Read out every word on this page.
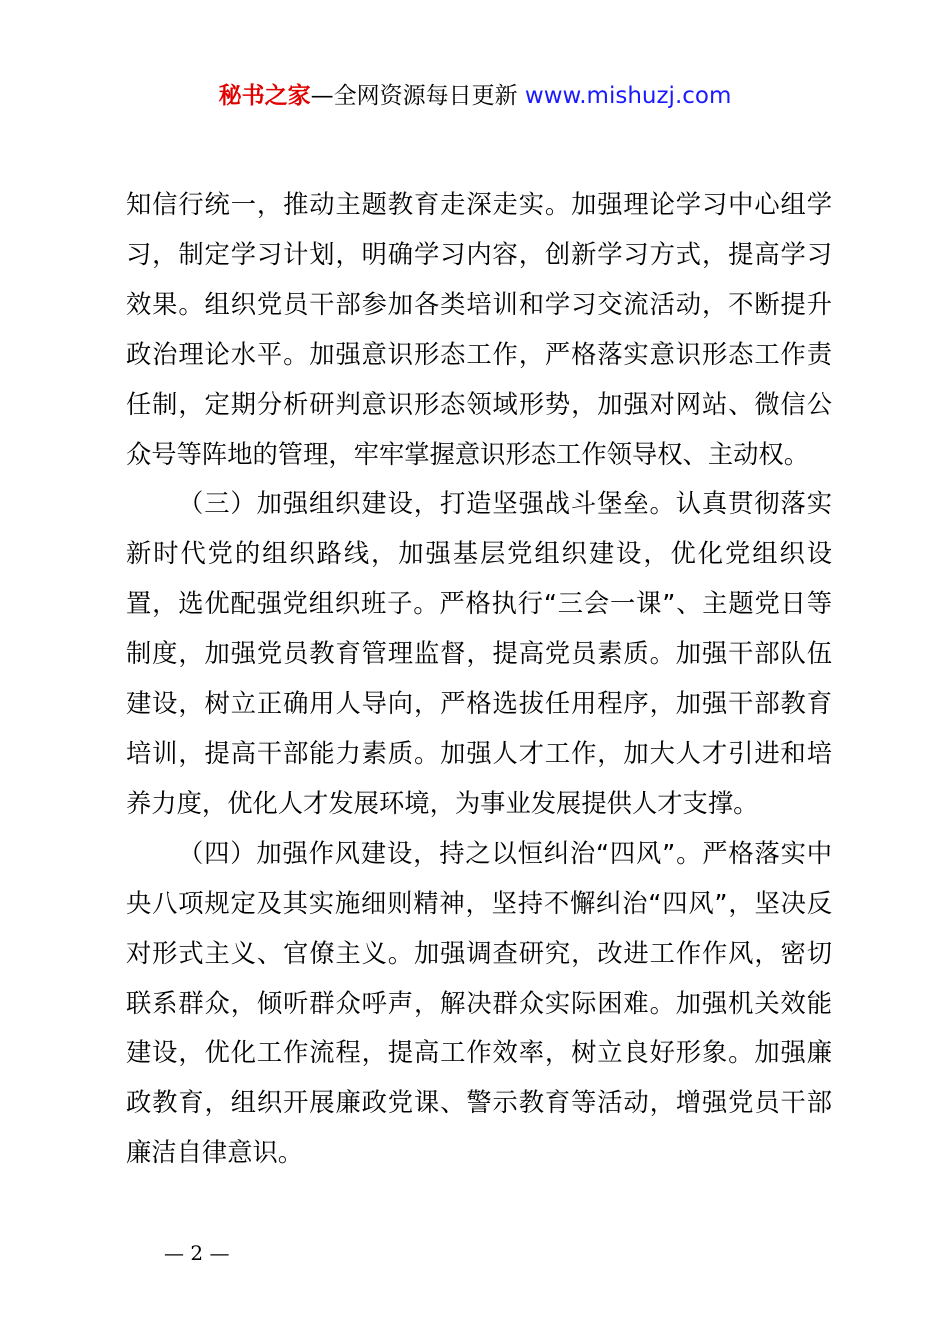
秘书之家—全网资源每日更新 www.mishuzj.com

知信行统一，推动主题教育走深走实。加强理论学习中心组学习，制定学习计划，明确学习内容，创新学习方式，提高学习效果。组织党员干部参加各类培训和学习交流活动，不断提升政治理论水平。加强意识形态工作，严格落实意识形态工作责任制，定期分析研判意识形态领域形势，加强对网站、微信公众号等阵地的管理，牢牢掌握意识形态工作领导权、主动权。

（三）加强组织建设，打造坚强战斗堡垒。认真贯彻落实新时代党的组织路线，加强基层党组织建设，优化党组织设置，选优配强党组织班子。严格执行“三会一课”、主题党日等制度，加强党员教育管理监督，提高党员素质。加强干部队伍建设，树立正确用人导向，严格选拔任用程序，加强干部教育培训，提高干部能力素质。加强人才工作，加大人才引进和培养力度，优化人才发展环境，为事业发展提供人才支撑。

（四）加强作风建设，持之以恒纠治“四风”。严格落实中央八项规定及其实施细则精神，坚持不懈纠治“四风”，坚决反对形式主义、官僚主义。加强调查研究，改进工作作风，密切联系群众，倾听群众呼声，解决群众实际困难。加强机关效能建设，优化工作流程，提高工作效率，树立良好形象。加强廉政教育，组织开展廉政党课、警示教育等活动，增强党员干部廉洁自律意识。

— 2 —
